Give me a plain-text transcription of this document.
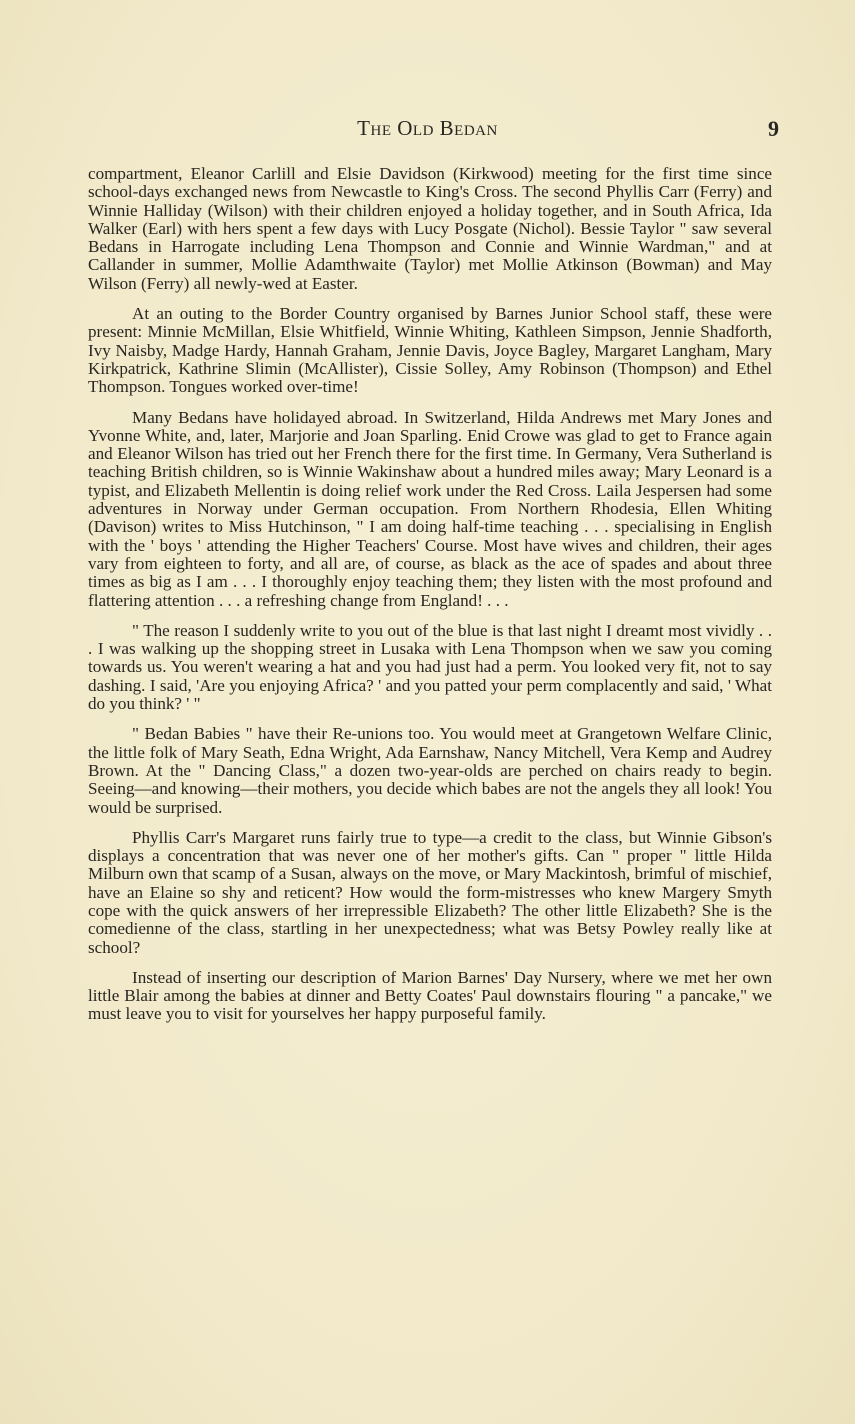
The Old Bedan	9

compartment, Eleanor Carlill and Elsie Davidson (Kirkwood) meeting for the first time since school-days exchanged news from Newcastle to King's Cross. The second Phyllis Carr (Ferry) and Winnie Halliday (Wilson) with their children enjoyed a holiday together, and in South Africa, Ida Walker (Earl) with hers spent a few days with Lucy Posgate (Nichol). Bessie Taylor " saw several Bedans in Harrogate including Lena Thompson and Connie and Winnie Wardman," and at Callander in summer, Mollie Adamthwaite (Taylor) met Mollie Atkinson (Bowman) and May Wilson (Ferry) all newly-wed at Easter.

At an outing to the Border Country organised by Barnes Junior School staff, these were present: Minnie McMillan, Elsie Whitfield, Winnie Whiting, Kathleen Simpson, Jennie Shadforth, Ivy Naisby, Madge Hardy, Hannah Graham, Jennie Davis, Joyce Bagley, Margaret Langham, Mary Kirkpatrick, Kathrine Slimin (McAllister), Cissie Solley, Amy Robinson (Thompson) and Ethel Thompson. Tongues worked over-time!

Many Bedans have holidayed abroad. In Switzerland, Hilda Andrews met Mary Jones and Yvonne White, and, later, Marjorie and Joan Sparling. Enid Crowe was glad to get to France again and Eleanor Wilson has tried out her French there for the first time. In Germany, Vera Sutherland is teaching British children, so is Winnie Wakinshaw about a hundred miles away; Mary Leonard is a typist, and Elizabeth Mellentin is doing relief work under the Red Cross. Laila Jespersen had some adventures in Norway under German occupation. From Northern Rhodesia, Ellen Whiting (Davison) writes to Miss Hutchinson, " I am doing half-time teaching . . . specialising in English with the ' boys ' attending the Higher Teachers' Course. Most have wives and children, their ages vary from eighteen to forty, and all are, of course, as black as the ace of spades and about three times as big as I am . . . I thoroughly enjoy teaching them; they listen with the most profound and flattering attention . . . a refreshing change from England! . . .

" The reason I suddenly write to you out of the blue is that last night I dreamt most vividly . . . I was walking up the shopping street in Lusaka with Lena Thompson when we saw you coming towards us. You weren't wearing a hat and you had just had a perm. You looked very fit, not to say dashing. I said, 'Are you enjoying Africa? ' and you patted your perm complacently and said, ' What do you think? ' "

" Bedan Babies " have their Re-unions too. You would meet at Grangetown Welfare Clinic, the little folk of Mary Seath, Edna Wright, Ada Earnshaw, Nancy Mitchell, Vera Kemp and Audrey Brown. At the " Dancing Class," a dozen two-year-olds are perched on chairs ready to begin. Seeing—and knowing—their mothers, you decide which babes are not the angels they all look! You would be surprised.

Phyllis Carr's Margaret runs fairly true to type—a credit to the class, but Winnie Gibson's displays a concentration that was never one of her mother's gifts. Can " proper " little Hilda Milburn own that scamp of a Susan, always on the move, or Mary Mackintosh, brimful of mischief, have an Elaine so shy and reticent? How would the form-mistresses who knew Margery Smyth cope with the quick answers of her irrepressible Elizabeth? The other little Elizabeth? She is the comedienne of the class, startling in her unexpectedness; what was Betsy Powley really like at school?

Instead of inserting our description of Marion Barnes' Day Nursery, where we met her own little Blair among the babies at dinner and Betty Coates' Paul downstairs flouring " a pancake," we must leave you to visit for yourselves her happy purposeful family.
